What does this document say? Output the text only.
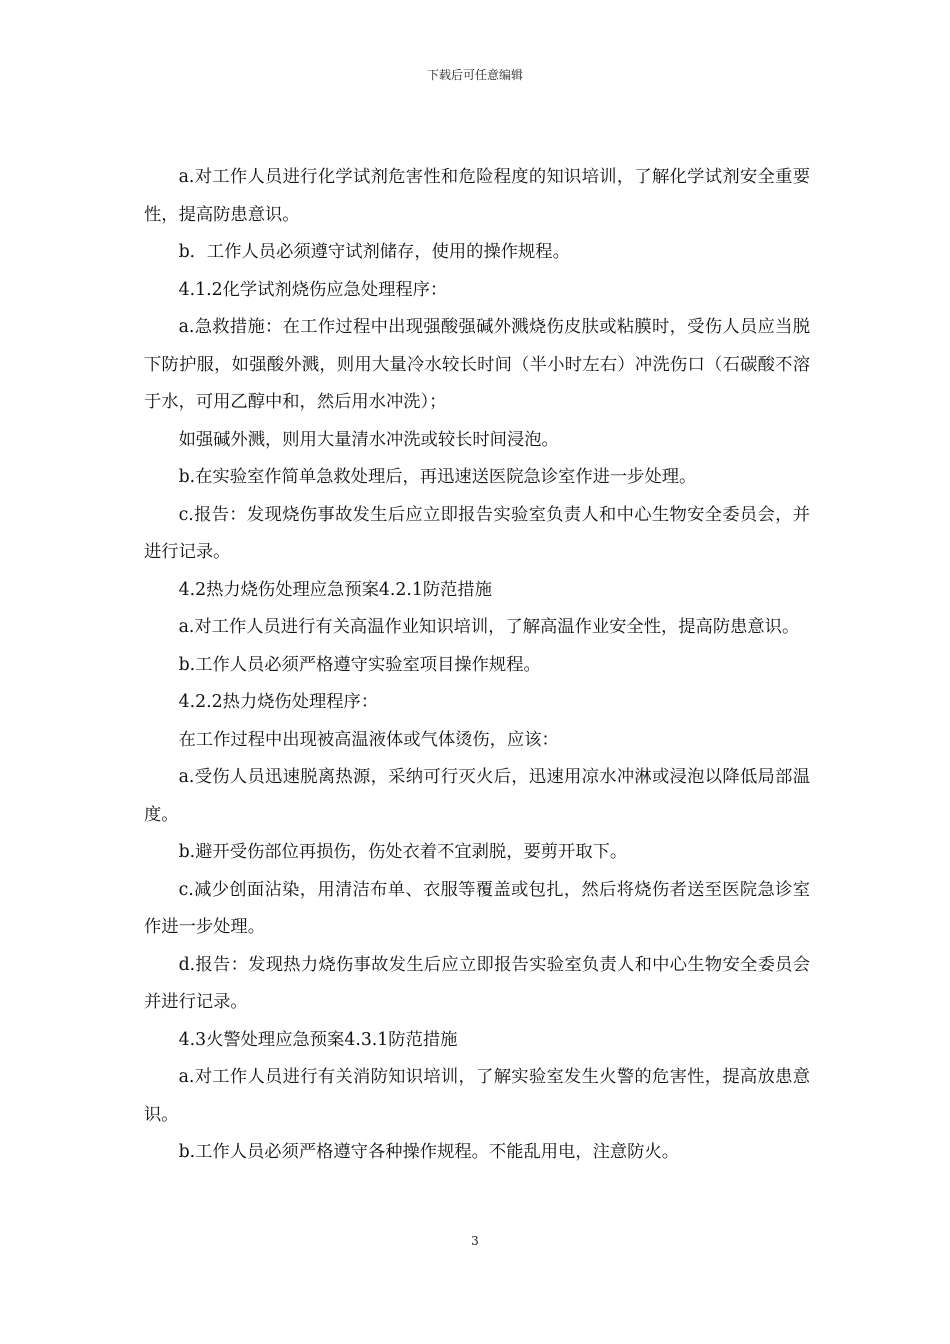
下载后可任意编辑

a.对工作人员进行化学试剂危害性和危险程度的知识培训，了解化学试剂安全重要性，提高防患意识。

b．工作人员必须遵守试剂储存，使用的操作规程。

4.1.2化学试剂烧伤应急处理程序：

a.急救措施：在工作过程中出现强酸强碱外溅烧伤皮肤或粘膜时，受伤人员应当脱下防护服，如强酸外溅，则用大量冷水较长时间（半小时左右）冲洗伤口（石碳酸不溶于水，可用乙醇中和，然后用水冲洗）；

如强碱外溅，则用大量清水冲洗或较长时间浸泡。

b.在实验室作简单急救处理后，再迅速送医院急诊室作进一步处理。

c.报告：发现烧伤事故发生后应立即报告实验室负责人和中心生物安全委员会，并进行记录。

4.2热力烧伤处理应急预案4.2.1防范措施

a.对工作人员进行有关高温作业知识培训，了解高温作业安全性，提高防患意识。

b.工作人员必须严格遵守实验室项目操作规程。

4.2.2热力烧伤处理程序：

在工作过程中出现被高温液体或气体烫伤，应该：

a.受伤人员迅速脱离热源，采纳可行灭火后，迅速用凉水冲淋或浸泡以降低局部温度。

b.避开受伤部位再损伤，伤处衣着不宜剥脱，要剪开取下。

c.减少创面沾染，用清洁布单、衣服等覆盖或包扎，然后将烧伤者送至医院急诊室作进一步处理。

d.报告：发现热力烧伤事故发生后应立即报告实验室负责人和中心生物安全委员会并进行记录。

4.3火警处理应急预案4.3.1防范措施

a.对工作人员进行有关消防知识培训，了解实验室发生火警的危害性，提高放患意识。

b.工作人员必须严格遵守各种操作规程。不能乱用电，注意防火。

3
